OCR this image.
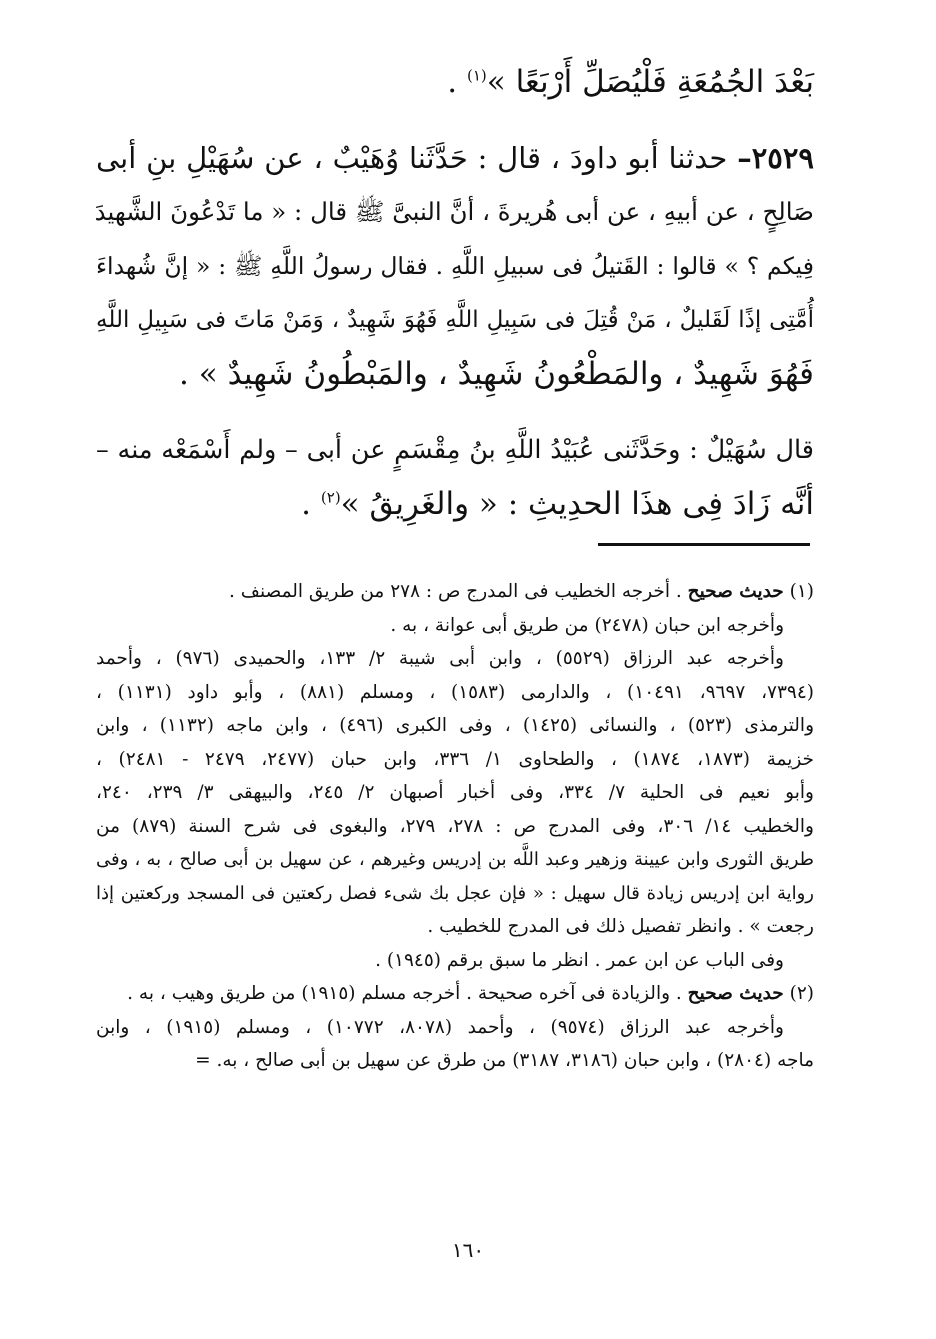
بَعْدَ الجُمُعَةِ فَلْيُصَلِّ أَرْبَعًا »$^{(١)}$ .
٢٥٢٩– حدثنا أبو داودَ ، قال : حَدَّثَنا وُهَيْبٌ ، عن سُهَيْلِ بنِ أبى
صَالِحٍ ، عن أبيهِ ، عن أبى هُريرةَ ، أنَّ النبىَّ ﷺ قال : « ما تَدْعُونَ الشَّهيدَ
فِيكم ؟ » قالوا : القَتيلُ فى سبيلِ اللَّهِ . فقال رسولُ اللَّهِ ﷺ : « إنَّ شُهداءَ
أُمَّتِى إذًا لَقَليلٌ ، مَنْ قُتِلَ فى سَبِيلِ اللَّهِ فَهُوَ شَهِيدٌ ، وَمَنْ مَاتَ فى سَبِيلِ اللَّهِ
فَهُوَ شَهِيدٌ ، والمَطْعُونُ شَهِيدٌ ، والمَبْطُونُ شَهِيدٌ » .
قال سُهَيْلٌ : وحَدَّثَنى عُبَيْدُ اللَّهِ بنُ مِقْسَمٍ عن أبى – ولم أَسْمَعْه منه –
أنَّه زَادَ فِى هذَا الحدِيثِ : « والغَرِيقُ »$^{(٢)}$ .
(١) حديث صحيح . أخرجه الخطيب فى المدرج ص : ٢٧٨ من طريق المصنف .
وأخرجه ابن حبان (٢٤٧٨) من طريق أبى عوانة ، به .
وأخرجه عبد الرزاق (٥٥٢٩) ، وابن أبى شيبة ٢/ ١٣٣، والحميدى (٩٧٦) ، وأحمد
(٧٣٩٤، ٩٦٩٧، ١٠٤٩١) ، والدارمى (١٥٨٣) ، ومسلم (٨٨١) ، وأبو داود (١١٣١) ،
والترمذى (٥٢٣) ، والنسائى (١٤٢٥) ، وفى الكبرى (٤٩٦) ، وابن ماجه (١١٣٢) ، وابن
خزيمة (١٨٧٣، ١٨٧٤) ، والطحاوى ١/ ٣٣٦، وابن حبان (٢٤٧٧، ٢٤٧٩ - ٢٤٨١) ،
وأبو نعيم فى الحلية ٧/ ٣٣٤، وفى أخبار أصبهان ٢/ ٢٤٥، والبيهقى ٣/ ٢٣٩، ٢٤٠،
والخطيب ١٤/ ٣٠٦، وفى المدرج ص : ٢٧٨، ٢٧٩، والبغوى فى شرح السنة (٨٧٩) من
طريق الثورى وابن عيينة وزهير وعبد اللَّه بن إدريس وغيرهم ، عن سهيل بن أبى صالح ، به ، وفى
رواية ابن إدريس زيادة قال سهيل : « فإن عجل بك شىء فصل ركعتين فى المسجد وركعتين إذا
رجعت » . وانظر تفصيل ذلك فى المدرج للخطيب .
وفى الباب عن ابن عمر . انظر ما سبق برقم (١٩٤٥) .
(٢) حديث صحيح . والزيادة فى آخره صحيحة . أخرجه مسلم (١٩١٥) من طريق وهيب ، به .
وأخرجه عبد الرزاق (٩٥٧٤) ، وأحمد (٨٠٧٨، ١٠٧٧٢) ، ومسلم (١٩١٥) ، وابن
ماجه (٢٨٠٤) ، وابن حبان (٣١٨٦، ٣١٨٧) من طرق عن سهيل بن أبى صالح ، به. =
١٦٠
